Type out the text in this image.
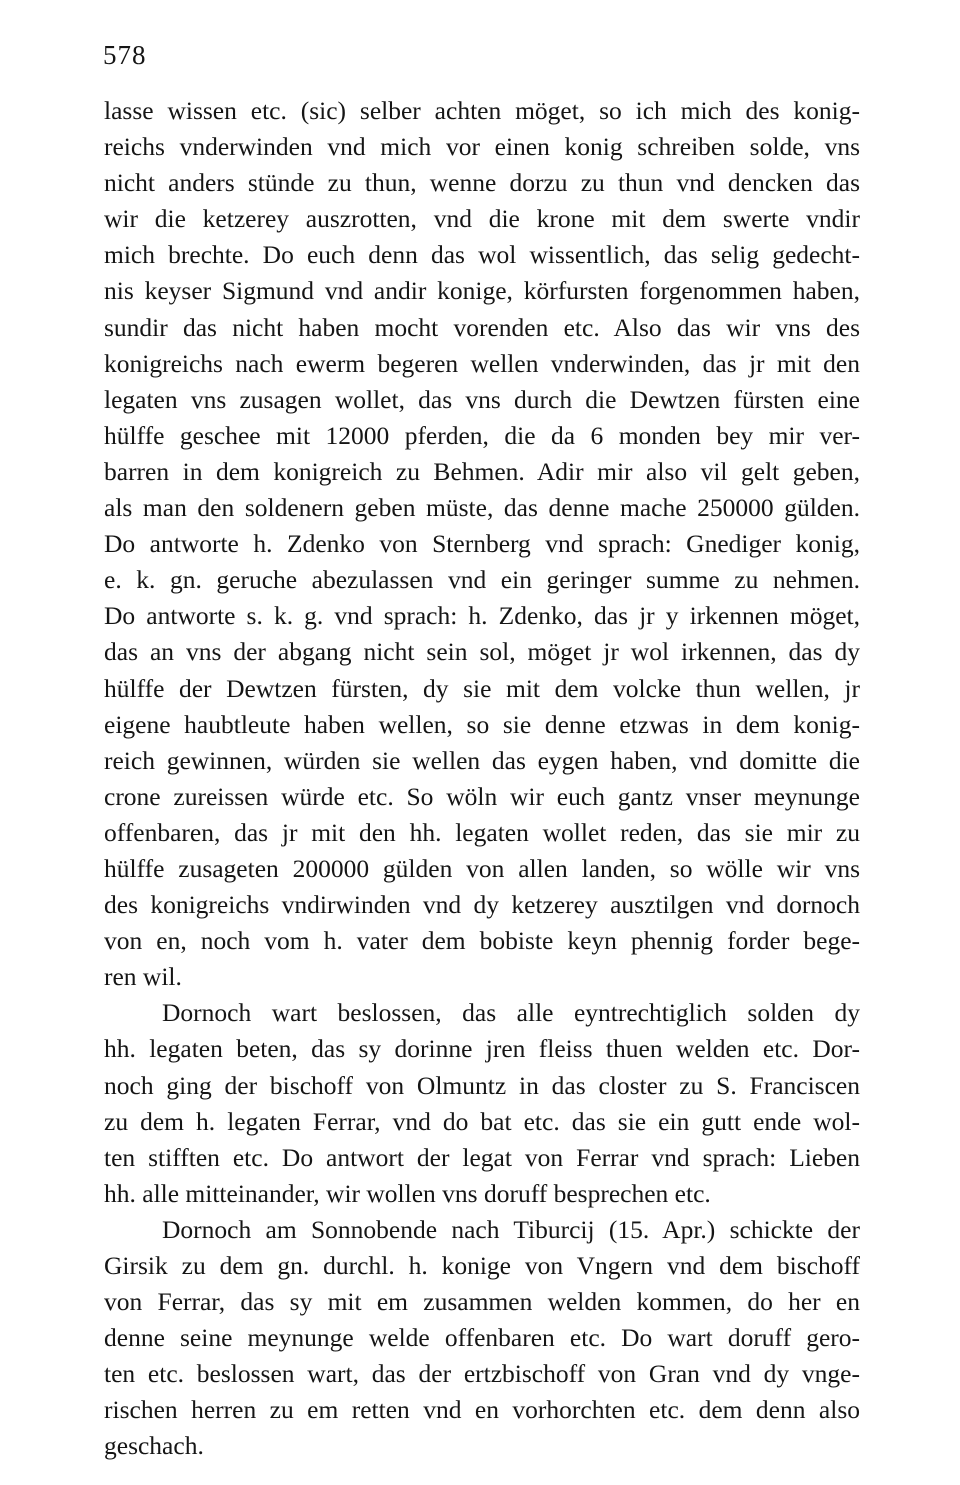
578
lasse wissen etc. (sic) selber achten möget, so ich mich des konig-
reichs vnderwinden vnd mich vor einen konig schreiben solde, vns
nicht anders stünde zu thun, wenne dorzu zu thun vnd dencken das
wir die ketzerey auszrotten, vnd die krone mit dem swerte vndir
mich brechte. Do euch denn das wol wissentlich, das selig gedecht-
nis keyser Sigmund vnd andir konige, körfursten forgenommen haben,
sundir das nicht haben mocht vorenden etc. Also das wir vns des
konigreichs nach ewerm begeren wellen vnderwinden, das jr mit den
legaten vns zusagen wollet, das vns durch die Dewtzen fürsten eine
hülffe geschee mit 12000 pferden, die da 6 monden bey mir ver-
barren in dem konigreich zu Behmen. Adir mir also vil gelt geben,
als man den soldenern geben müste, das denne mache 250000 gülden.
Do antworte h. Zdenko von Sternberg vnd sprach: Gnediger konig,
e. k. gn. geruche abezulassen vnd ein geringer summe zu nehmen.
Do antworte s. k. g. vnd sprach: h. Zdenko, das jr y irkennen möget,
das an vns der abgang nicht sein sol, möget jr wol irkennen, das dy
hülffe der Dewtzen fürsten, dy sie mit dem volcke thun wellen, jr
eigene haubtleute haben wellen, so sie denne etzwas in dem konig-
reich gewinnen, würden sie wellen das eygen haben, vnd domitte die
crone zureissen würde etc. So wöln wir euch gantz vnser meynunge
offenbaren, das jr mit den hh. legaten wollet reden, das sie mir zu
hülffe zusageten 200000 gülden von allen landen, so wölle wir vns
des konigreichs vndirwinden vnd dy ketzerey ausztilgen vnd dornoch
von en, noch vom h. vater dem bobiste keyn phennig forder bege-
ren wil.
Dornoch wart beslossen, das alle eyntrechtiglich solden dy
hh. legaten beten, das sy dorinne jren fleiss thuen welden etc. Dor-
noch ging der bischoff von Olmuntz in das closter zu S. Franciscen
zu dem h. legaten Ferrar, vnd do bat etc. das sie ein gutt ende wol-
ten stifften etc. Do antwort der legat von Ferrar vnd sprach: Lieben
hh. alle mitteinander, wir wollen vns doruff besprechen etc.
Dornoch am Sonnobende nach Tiburcij (15. Apr.) schickte der
Girsik zu dem gn. durchl. h. konige von Vngern vnd dem bischoff
von Ferrar, das sy mit em zusammen welden kommen, do her en
denne seine meynunge welde offenbaren etc. Do wart doruff gero-
ten etc. beslossen wart, das der ertzbischoff von Gran vnd dy vnge-
rischen herren zu em retten vnd en vorhorchten etc. dem denn also
geschach.
